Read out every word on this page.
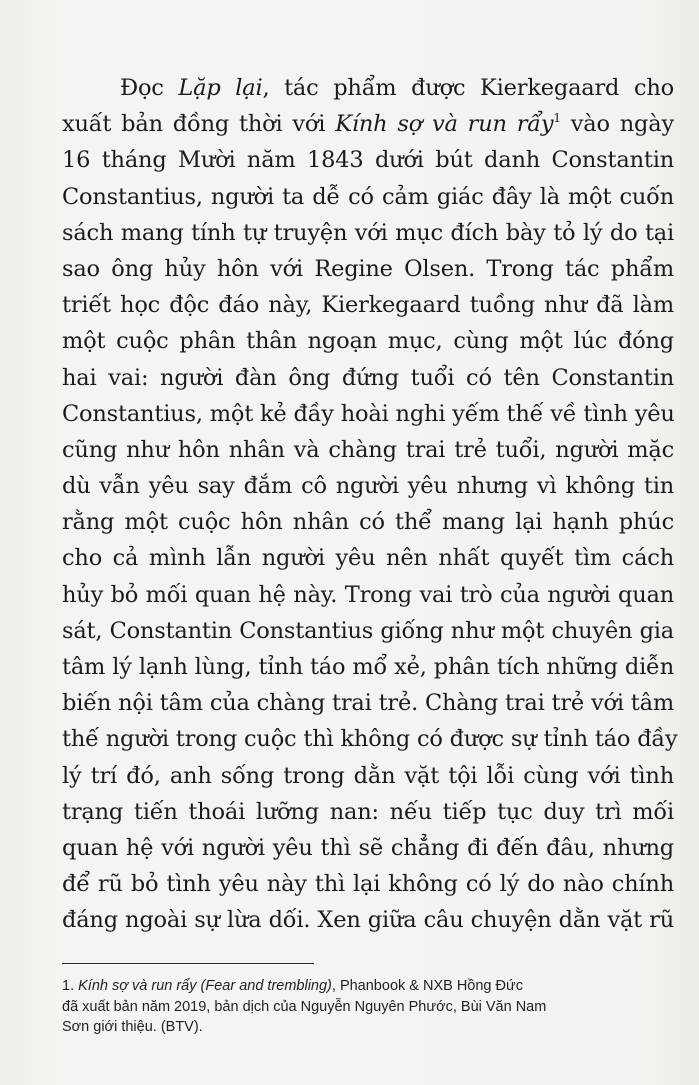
Đọc Lặp lại, tác phẩm được Kierkegaard cho
xuất bản đồng thời với Kính sợ và run rẩy$^1$ vào ngày
16 tháng Mười năm 1843 dưới bút danh Constantin
Constantius, người ta dễ có cảm giác đây là một cuốn
sách mang tính tự truyện với mục đích bày tỏ lý do tại
sao ông hủy hôn với Regine Olsen. Trong tác phẩm
triết học độc đáo này, Kierkegaard tuồng như đã làm
một cuộc phân thân ngoạn mục, cùng một lúc đóng
hai vai: người đàn ông đứng tuổi có tên Constantin
Constantius, một kẻ đầy hoài nghi yếm thế về tình yêu
cũng như hôn nhân và chàng trai trẻ tuổi, người mặc
dù vẫn yêu say đắm cô người yêu nhưng vì không tin
rằng một cuộc hôn nhân có thể mang lại hạnh phúc
cho cả mình lẫn người yêu nên nhất quyết tìm cách
hủy bỏ mối quan hệ này. Trong vai trò của người quan
sát, Constantin Constantius giống như một chuyên gia
tâm lý lạnh lùng, tỉnh táo mổ xẻ, phân tích những diễn
biến nội tâm của chàng trai trẻ. Chàng trai trẻ với tâm
thế người trong cuộc thì không có được sự tỉnh táo đầy
lý trí đó, anh sống trong dằn vặt tội lỗi cùng với tình
trạng tiến thoái lưỡng nan: nếu tiếp tục duy trì mối
quan hệ với người yêu thì sẽ chẳng đi đến đâu, nhưng
để rũ bỏ tình yêu này thì lại không có lý do nào chính
đáng ngoài sự lừa dối. Xen giữa câu chuyện dằn vặt rũ
1. Kính sợ và run rẩy (Fear and trembling), Phanbook & NXB Hồng Đức
đã xuất bản năm 2019, bản dịch của Nguyễn Nguyên Phước, Bùi Văn Nam
Sơn giới thiệu. (BTV).
